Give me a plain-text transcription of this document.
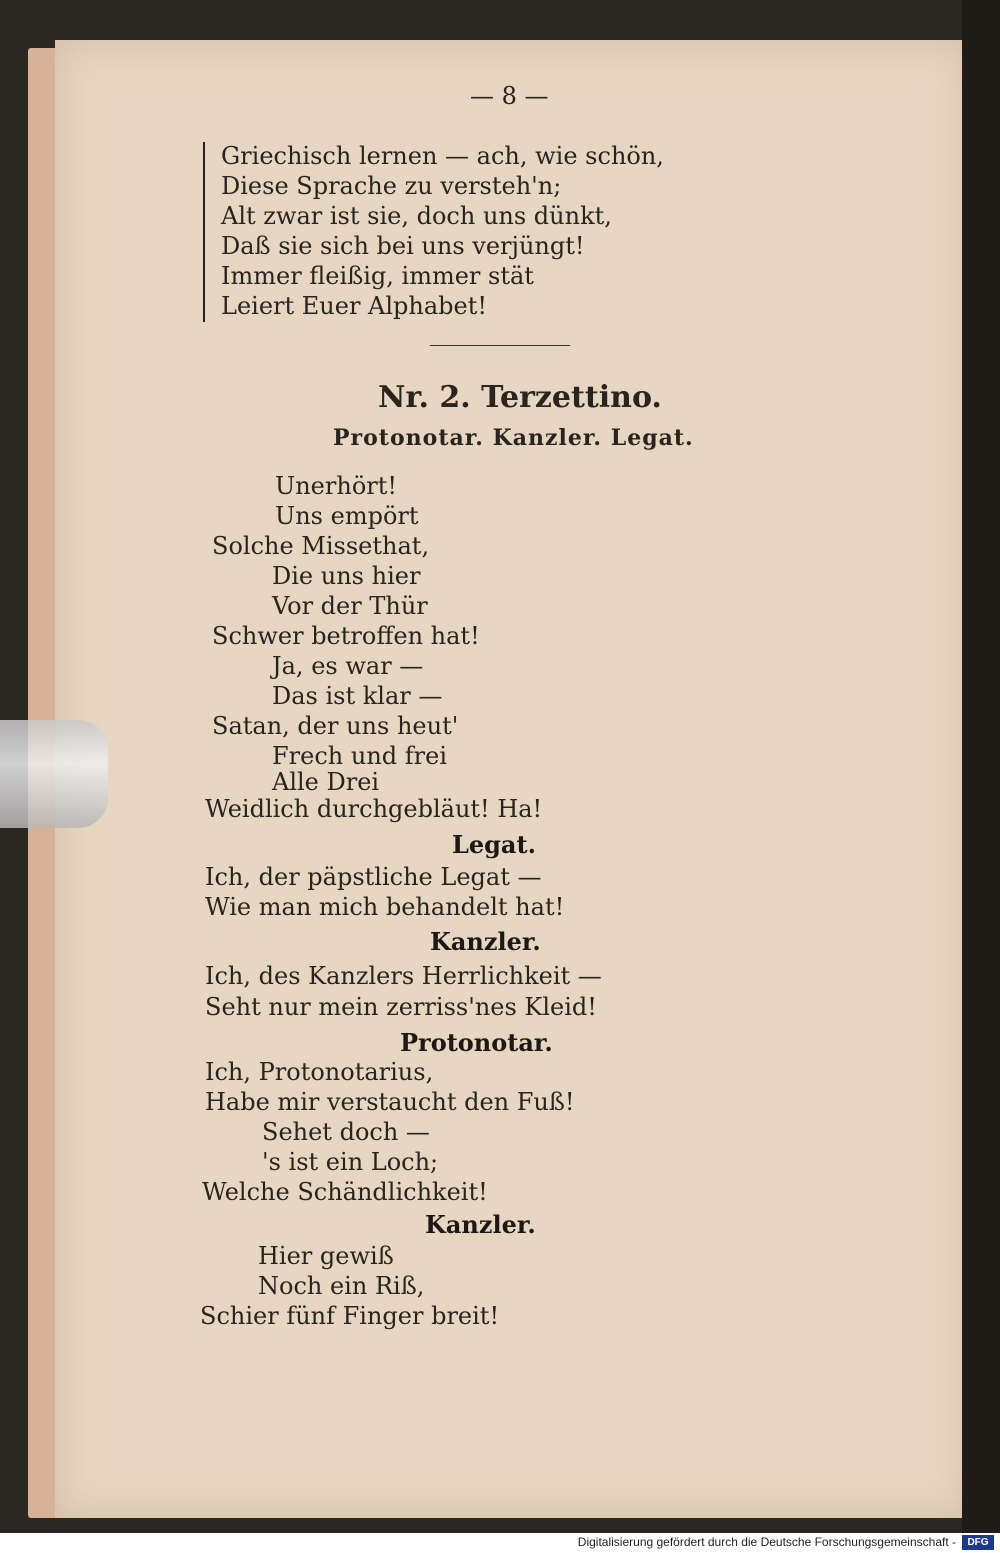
— 8 —
Griechisch lernen — ach, wie schön,
Diese Sprache zu versteh'n;
Alt zwar ist sie, doch uns dünkt,
Daß sie sich bei uns verjüngt!
Immer fleißig, immer stät
Leiert Euer Alphabet!
Nr. 2. Terzettino.
Protonotar. Kanzler. Legat.
Unerhört!
Uns empört
Solche Missethat,
Die uns hier
Vor der Thür
Schwer betroffen hat!
Ja, es war —
Das ist klar —
Satan, der uns heut'
Frech und frei
Alle Drei
Weidlich durchgebläut! Ha!
Legat.
Ich, der päpstliche Legat —
Wie man mich behandelt hat!
Kanzler.
Ich, des Kanzlers Herrlichkeit —
Seht nur mein zerriss'nes Kleid!
Protonotar.
Ich, Protonotarius,
Habe mir verstaucht den Fuß!
Sehet doch —
's ist ein Loch;
Welche Schändlichkeit!
Kanzler.
Hier gewiß
Noch ein Riß,
Schier fünf Finger breit!
Digitalisierung gefördert durch die Deutsche Forschungsgemeinschaft -	DFG
